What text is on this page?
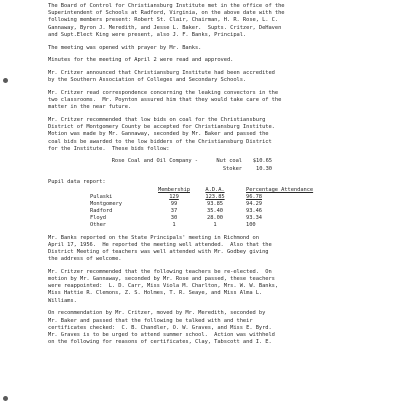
The Board of Control for Christiansburg Institute met in the office of the
Superintendent of Schools at Radford, Virginia, on the above date with the
following members present: Robert St. Clair, Chairman, H. R. Rose, L. C.
Gannaway, Byron J. Meredith, and Jesse L. Baker.  Supts. Critzer, DeHaven
and Supt.Elect King were present, also J. F. Banks, Principal.
The meeting was opened with prayer by Mr. Banks.
Minutes for the meeting of April 2 were read and approved.
Mr. Critzer announced that Christiansburg Institute had been accredited
by the Southern Association of Colleges and Secondary Schools.
Mr. Critzer read correspondence concerning the leaking convectors in the
two classrooms.  Mr. Poynton assured him that they would take care of the
matter in the near future.
Mr. Critzer recommended that low bids on coal for the Christiansburg
District of Montgomery County be accepted for Christiansburg Institute.
Motion was made by Mr. Gannaway, seconded by Mr. Baker and passed the
coal bids be awarded to the low bidders of the Christiansburg District
for the Institute.  These bids follow:
Rose Coal and Oil Company -	Nut coal	$10.65
Stoker	10.30
Pupil data report:
	Membership	A.D.A.	Percentage Attendance
Pulaski	129	123.85	96.78
Montgomery	99	93.85	94.29
Radford	37	35.40	93.46
Floyd	30	28.00	93.34
Other	1	1	100
Mr. Banks reported on the State Principals' meeting in Richmond on
April 17, 1956.  He reported the meeting well attended.  Also that the
District Meeting of teachers was well attended with Mr. Godbey giving
the address of welcome.
Mr. Critzer recommended that the following teachers be re-elected.  On
motion by Mr. Gannaway, seconded by Mr. Rose and passed, these teachers
were reappointed:  L. D. Carr, Miss Viola M. Charlton, Mrs. W. W. Banks,
Miss Hattie R. Clemons, Z. S. Holmes, T. R. Seaye, and Miss Alma L.
Williams.
On recommendation by Mr. Critzer, moved by Mr. Meredith, seconded by
Mr. Baker and passed that the following be talked with and their
certificates checked:  C. B. Chandler, O. W. Graves, and Miss E. Byrd.
Mr. Graves is to be urged to attend summer school.  Action was withheld
on the following for reasons of certificates, Clay, Tabscott and I. E.
